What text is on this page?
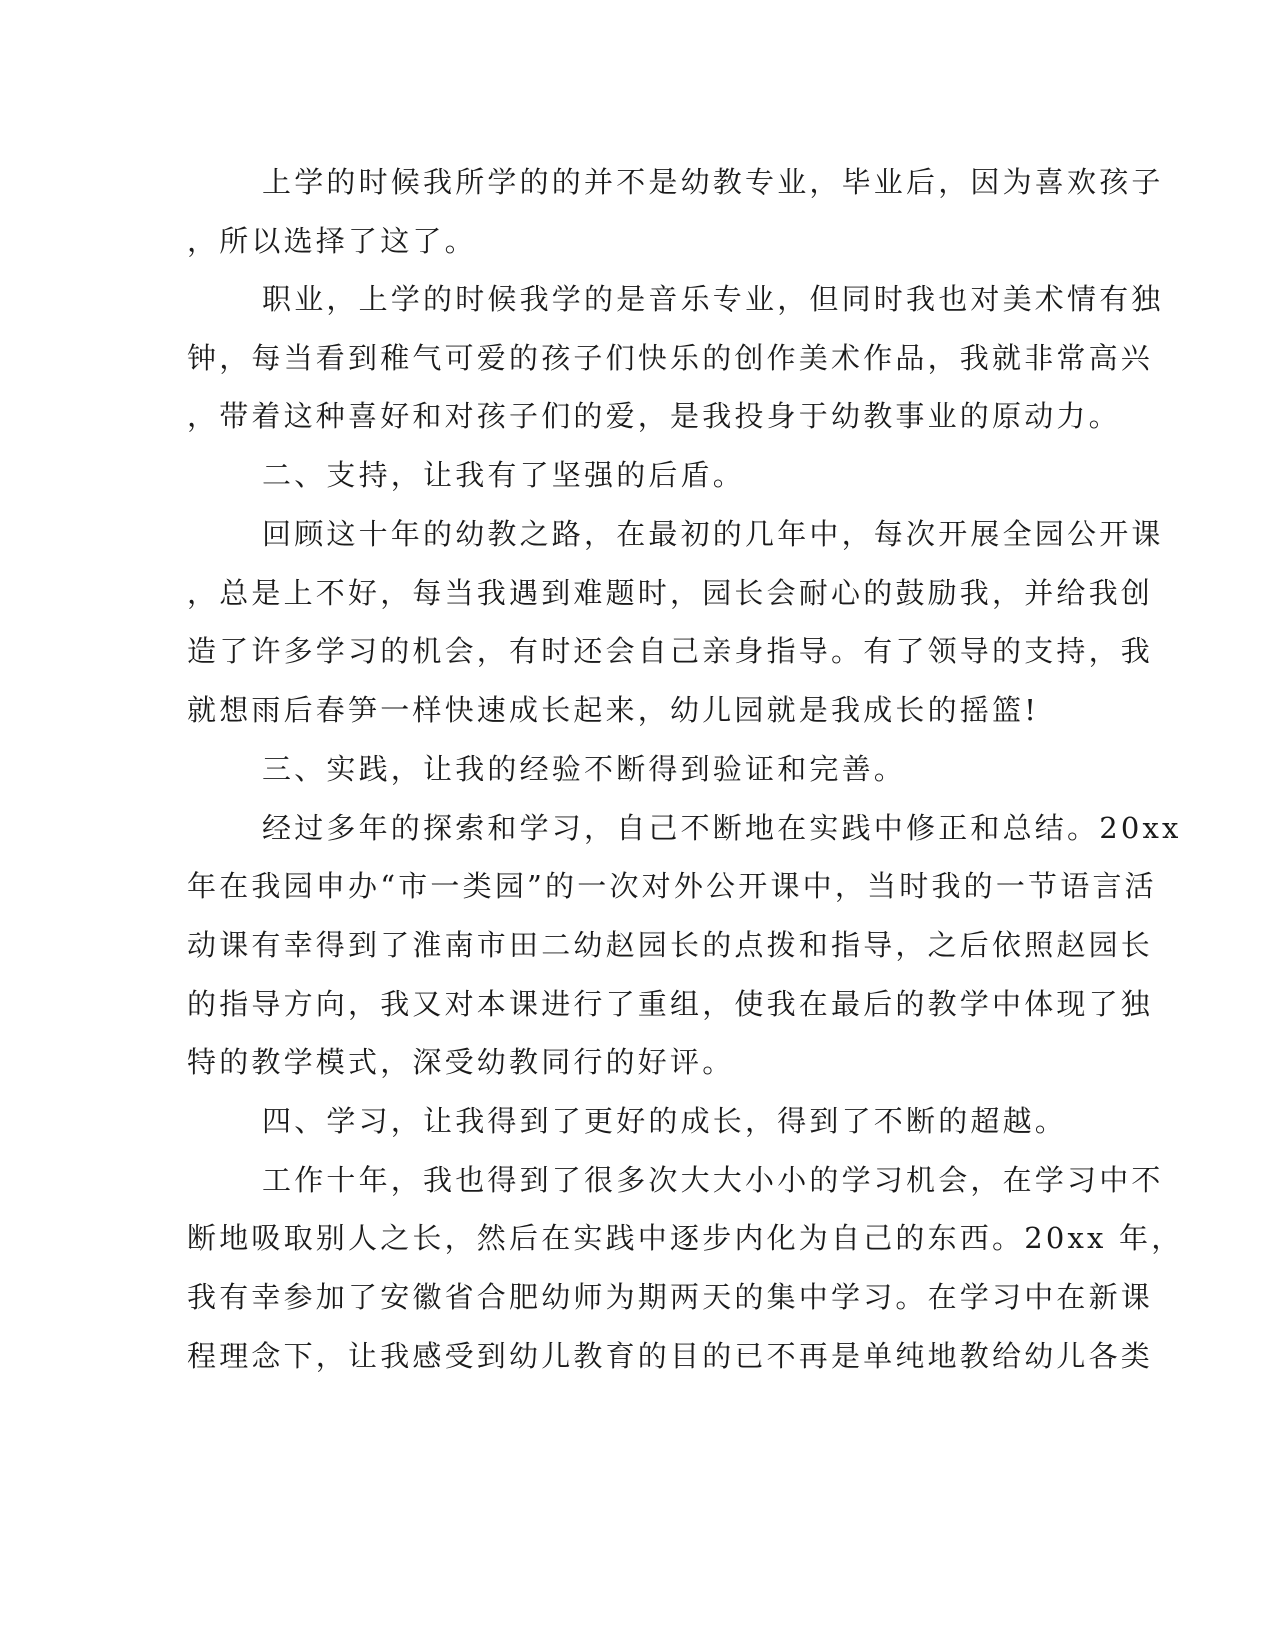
上学的时候我所学的的并不是幼教专业，毕业后，因为喜欢孩子

，所以选择了这了。

职业，上学的时候我学的是音乐专业，但同时我也对美术情有独

钟，每当看到稚气可爱的孩子们快乐的创作美术作品，我就非常高兴

，带着这种喜好和对孩子们的爱，是我投身于幼教事业的原动力。

二、支持，让我有了坚强的后盾。

回顾这十年的幼教之路，在最初的几年中，每次开展全园公开课

，总是上不好，每当我遇到难题时，园长会耐心的鼓励我，并给我创

造了许多学习的机会，有时还会自己亲身指导。有了领导的支持，我

就想雨后春笋一样快速成长起来，幼儿园就是我成长的摇篮!

三、实践，让我的经验不断得到验证和完善。

经过多年的探索和学习，自己不断地在实践中修正和总结。20xx

年在我园申办“市一类园”的一次对外公开课中，当时我的一节语言活

动课有幸得到了淮南市田二幼赵园长的点拨和指导，之后依照赵园长

的指导方向，我又对本课进行了重组，使我在最后的教学中体现了独

特的教学模式，深受幼教同行的好评。

四、学习，让我得到了更好的成长，得到了不断的超越。

工作十年，我也得到了很多次大大小小的学习机会，在学习中不

断地吸取别人之长，然后在实践中逐步内化为自己的东西。20xx 年，

我有幸参加了安徽省合肥幼师为期两天的集中学习。在学习中在新课

程理念下，让我感受到幼儿教育的目的已不再是单纯地教给幼儿各类
